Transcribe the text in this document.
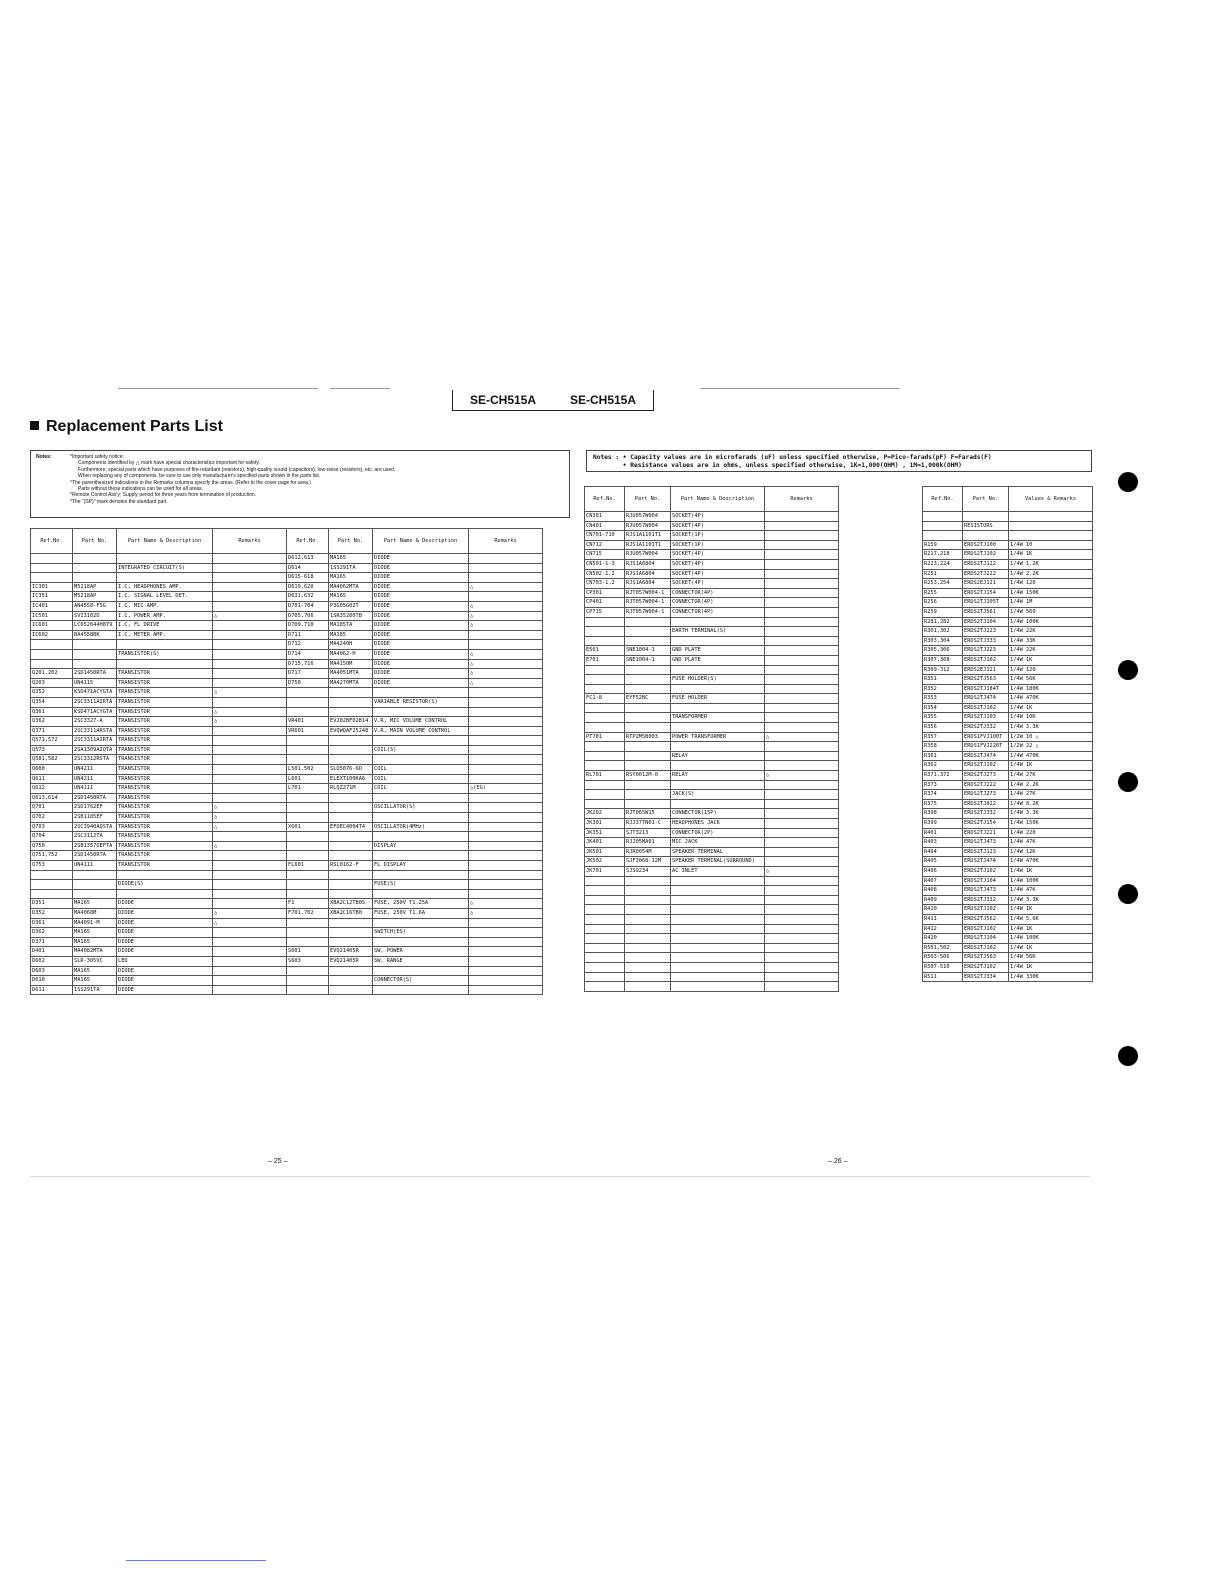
SE-CH515A	SE-CH515A
Replacement Parts List
Notes:	*Important safety notice:
Components identified by △ mark have special characteristics important for safety.
Furthermore, special parts which have purposes of fire-retardant (resistors), high-quality sound (capacitors), low-noise (resistors), etc. are used.
When replacing any of components, be sure to use only manufacturer's specified parts shown in the parts list.
*The parenthesized indications in the Remarks columns specify the areas. (Refer to the cover page for area.)
Parts without these indications can be used for all areas.
*Remote Control Ass'y: Supply period for three years from termination of production.
*The "(SP)" mark denotes the standard part.
Notes : • Capacity values are in microfarads (uF) unless specified otherwise, P=Pico-farads(pF) F=Farads(F)
• Resistance values are in ohms, unless specified otherwise, 1K=1,000(OHM) , 1M=1,000k(OHM)
Ref.No.	Part No.	Part Name & Description	Remarks

		INTEGRATED CIRCUIT(S)	

IC301	M5218AP	I.C, HEADPHONES AMP.	
IC351	M5218AP	I.C, SIGNAL LEVEL DET.	
IC401	AN4558-FSG	I.C, MIC AMP.	
IC501	SVI3102D	I.C, POWER AMP.	△
IC601	LC652044H879	I.C, FL DRIVE	
IC602	BA4558BK	I.C, METER AMP.	

		TRANSISTOR(S)	

Q201,202	2SD1450RTA	TRANSISTOR	
Q203	UN4115	TRANSISTOR	
Q352	KSD471ACYGTA	TRANSISTOR	△
Q354	2SC3311AIRTA	TRANSISTOR	
Q361	KSD471ACYGTA	TRANSISTOR	△
Q362	2SC3327-A	TRANSISTOR	△
Q371	2SC3311ARSTA	TRANSISTOR	
Q571,572	2SC3311AIRTA	TRANSISTOR	
Q573	2SA1309AIQTA	TRANSISTOR	
Q581,582	2SC3312RSTA	TRANSISTOR	
Q600	UN4211	TRANSISTOR	
Q611	UN4211	TRANSISTOR	
Q612	UN4111	TRANSISTOR	
Q613,614	2SD1450RTA	TRANSISTOR	
Q701	2SD1762EF	TRANSISTOR	△
Q702	2SB1185EF	TRANSISTOR	△
Q703	2SC3940AQSTA	TRANSISTOR	△
Q704	2SC3112TA	TRANSISTOR	
Q750	2SB1357OEFTA	TRANSISTOR	△
Q751,752	2SD1450RTA	TRANSISTOR	
Q753	UN4111	TRANSISTOR	

		DIODE(S)	

D351	MA165	DIODE	
D352	MA4068M	DIODE	△
D361	MA4091-M	DIODE	△
D362	MA165	DIODE	
D371	MA165	DIODE	
D401	MA4082MTA	DIODE	
D602	SLR-305VC	LED	
D603	MA165	DIODE	
D610	MA165	DIODE	
D611	1SS291TA	DIODE	
Ref.No.	Part No.	Part Name & Description	Remarks
D612,613	MA165	DIODE	
D614	1SS291TA	DIODE	
D615-618	MA165	DIODE	
D619,620	MA4062MTA	DIODE	△
D631,632	MA165	DIODE	
D701-704	P3G05G02T	DIODE	△
D705,706	1SR35200TB	DIODE	△
D709,710	MA185TA	DIODE	△
D711	MA185	DIODE	
D712	MA4240H	DIODE	
D714	MA4062-H	DIODE	△
D715,716	MA4150M	DIODE	△
D717	MA4051MTA	DIODE	△
D750	MA4270MTA	DIODE	△

		VARIABLE RESISTOR(S)	

VR401	EVJ02BF02B14	V.R, MIC VOLUME CONTROL	
VR601	EVQWQAF25248	V.R, MAIN VOLUME CONTROL	

		COIL(S)	

L501,502	SLQ5076-6D	COIL	
L601	ELEXT100KA6	COIL	
L701	RLQZ271M	COIL	△(EG)

		OSCILLATOR(S)	

X601	EFOEC4004T4	OSCILLATOR(4MHz)	

		DISPLAY	

FL601	RSL0162-F	FL DISPLAY	

		FUSE(S)	

F1	XBA2C12TB0S	FUSE, 250V T1.25A	△
F701,702	XBA2C16TB0	FUSE, 250V T1.6A	△

		SWITCH(ES)	

S601	EVQ21405R	SW, POWER	
S603	EVQ21405R	SW, RANGE	

		CONNECTOR(S)	

Ref.No.	Part No.	Part Name & Description	Remarks
CN301	RJU057W004	SOCKET(4P)	
CN401	RJU057W004	SOCKET(4P)	
CN701-710	RJS1A1101T1	SOCKET(1P)	
CN712	RJS1A1101T1	SOCKET(1P)	
CN715	RJU057W004	SOCKET(4P)	
CN501-1-3	RJS1A6804	SOCKET(4P)	
CN502-1,2	RJS1A6804	SOCKET(4P)	
CN703-1,2	RJS1A6804	SOCKET(4P)	
CP301	RJT057W004-1	CONNECTOR(4P)	
CP401	RJT057W004-1	CONNECTOR(4P)	
CP715	RJT057W004-1	CONNECTOR(4P)	

		EARTH TERMINAL(S)	

E501	SNE1004-1	GND PLATE	
E701	SNE1004-1	GND PLATE	

		FUSE HOLDER(S)	

FC1-8	EYF52BC	FUSE HOLDER	

		TRANSFORMER	

PT701	RTP2M5B003	POWER TRANSFORMER	△

		RELAY	

RL701	RSY0012M-0	RELAY	△

		JACK(S)	

JK202	RJT065W15	CONNECTOR(15P)	
JK301	RJJ37TN01-C	HEADPHONES JACK	
JK351	SJT3213	CONNECTOR(2P)	
JK401	RJJ05MA01	MIC JACK	
JK501	RJR0054M	SPEAKER TERMINAL	
JK502	SJF3068-12M	SPEAKER TERMINAL(SURROUND)	
JK701	SJS9234	AC INLET	△

Ref.No.	Part No.	Values & Remarks

	RESISTORS	

R159	ERDS2TJ100	1/4W 10
R217,218	ERDS2TJ102	1/4W 1K
R223,224	ERDS2TJ122	1/4W 1.2K
R251	ERDS2TJ222	1/4W 2.2K
R253,254	ERDS2EJ121	1/4W 120
R255	ERDS2TJ154	1/4W 150K
R256	ERDS2TJ105T	1/4W 1M
R259	ERDS2TJ561	1/4W 560
R281,282	ERDS2TJ104	1/4W 100K
R301,302	ERDS2TJ223	1/4W 22K
R303,304	ERDS2TJ333	1/4W 33K
R305,306	ERDS2TJ223	1/4W 22K
R307,308	ERDS2TJ102	1/4W 1K
R309-312	ERDS2EJ121	1/4W 120
R351	ERDS2TJ563	1/4W 56K
R352	ERDS2TJ184T	1/4W 180K
R353	ERDS2TJ474	1/4W 470K
R354	ERDS2TJ102	1/4W 1K
R355	ERDS2TJ103	1/4W 10K
R356	ERDS2TJ332	1/4W 3.3K
R357	ERDS1FVJ100T	1/2W 10 △
R358	ERDS1FVJ220T	1/2W 22 △
R361	ERDS2TJ474	1/4W 470K
R362	ERDS2TJ102	1/4W 1K
R371,372	ERDS2TJ273	1/4W 27K
R373	ERDS2TJ222	1/4W 2.2K
R374	ERDS2TJ273	1/4W 27K
R375	ERDS2TJ822	1/4W 8.2K
R398	ERDS2TJ332	1/4W 3.3K
R399	ERDS2TJ154	1/4W 150K
R401	ERDS2TJ221	1/4W 220
R403	ERDS2TJ473	1/4W 47K
R404	ERDS2TJ123	1/4W 12K
R405	ERDS2TJ474	1/4W 470K
R406	ERDS2TJ102	1/4W 1K
R407	ERDS2TJ104	1/4W 100K
R408	ERDS2TJ473	1/4W 47K
R409	ERDS2TJ332	1/4W 3.3K
R410	ERDS2TJ102	1/4W 1K
R411	ERDS2TJ562	1/4W 5.6K
R412	ERDS2TJ102	1/4W 1K
R420	ERDS2TJ104	1/4W 100K
R501,502	ERDS2TJ102	1/4W 1K
R503-506	ERDS2TJ563	1/4W 56K
R507-510	ERDS2TJ102	1/4W 1K
R511	ERDS2TJ334	1/4W 330K
– 25 –	– 26 –
